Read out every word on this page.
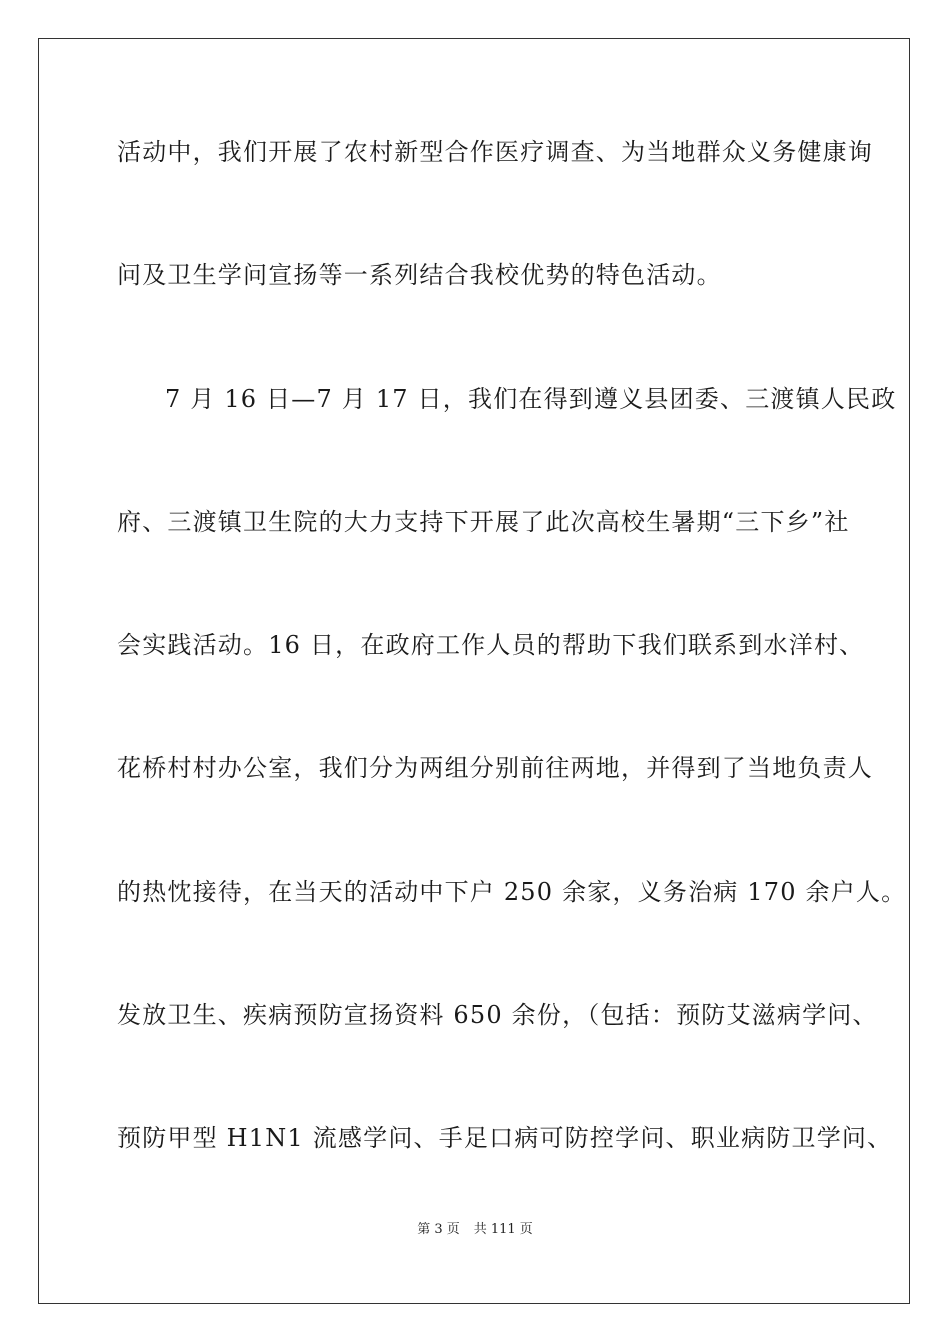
活动中，我们开展了农村新型合作医疗调查、为当地群众义务健康询
问及卫生学问宣扬等一系列结合我校优势的特色活动。
7 月 16 日—7 月 17 日，我们在得到遵义县团委、三渡镇人民政
府、三渡镇卫生院的大力支持下开展了此次高校生暑期“三下乡”社
会实践活动。16 日，在政府工作人员的帮助下我们联系到水洋村、
花桥村村办公室，我们分为两组分别前往两地，并得到了当地负责人
的热忱接待，在当天的活动中下户 250 余家，义务治病 170 余户人。
发放卫生、疾病预防宣扬资料 650 余份，（包括：预防艾滋病学问、
预防甲型 H1N1 流感学问、手足口病可防控学问、职业病防卫学问、
第 3 页 共 111 页
